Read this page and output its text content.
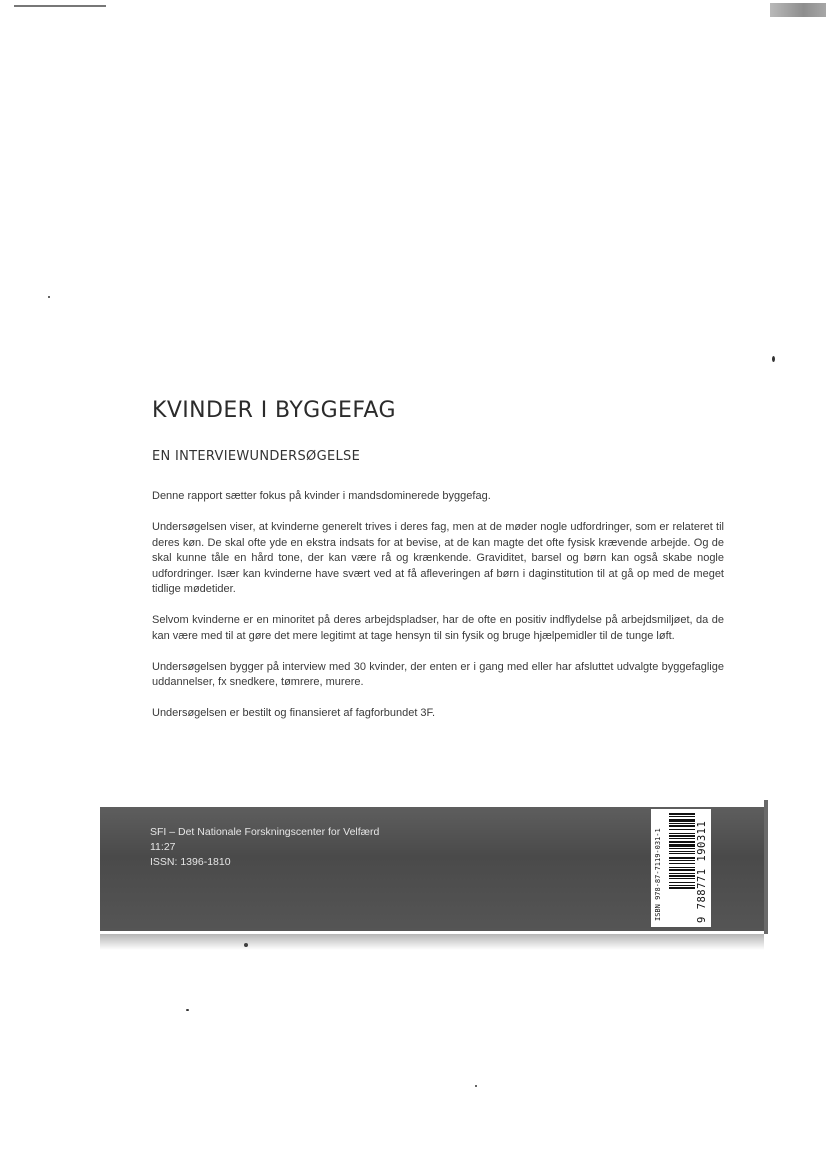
KVINDER I BYGGEFAG
EN INTERVIEWUNDERSØGELSE

Denne rapport sætter fokus på kvinder i mandsdominerede byggefag.

Undersøgelsen viser, at kvinderne generelt trives i deres fag, men at de møder nogle udfordringer, som er relateret til deres køn. De skal ofte yde en ekstra indsats for at bevise, at de kan magte det ofte fysisk krævende arbejde. Og de skal kunne tåle en hård tone, der kan være rå og krænkende. Graviditet, barsel og børn kan også skabe nogle udfordringer. Især kan kvinderne have svært ved at få afleveringen af børn i daginstitution til at gå op med de meget tidlige mødetider.

Selvom kvinderne er en minoritet på deres arbejdspladser, har de ofte en positiv indflydelse på arbejdsmiljøet, da de kan være med til at gøre det mere legitimt at tage hensyn til sin fysik og bruge hjælpemidler til de tunge løft.

Undersøgelsen bygger på interview med 30 kvinder, der enten er i gang med eller har afsluttet udvalgte byggefaglige uddannelser, fx snedkere, tømrere, murere.

Undersøgelsen er bestilt og finansieret af fagforbundet 3F.

SFI – Det Nationale Forskningscenter for Velfærd
11:27
ISSN: 1396-1810	ISBN 978-87-7119-031-1	9 788771 190311
